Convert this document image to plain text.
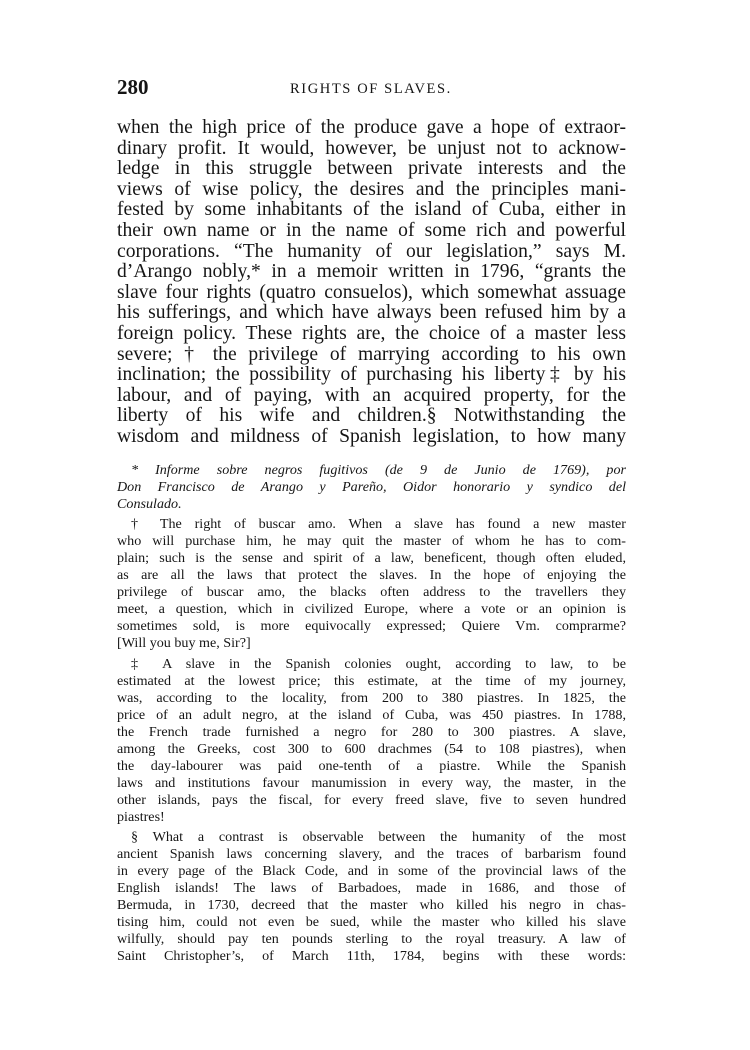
280	RIGHTS OF SLAVES.
when the high price of the produce gave a hope of extraor-
dinary profit. It would, however, be unjust not to acknow-
ledge in this struggle between private interests and the
views of wise policy, the desires and the principles mani-
fested by some inhabitants of the island of Cuba, either in
their own name or in the name of some rich and powerful
corporations. “The humanity of our legislation,” says M.
d’Arango nobly,* in a memoir written in 1796, “grants the
slave four rights (quatro consuelos), which somewhat assuage
his sufferings, and which have always been refused him by a
foreign policy. These rights are, the choice of a master less
severe; † the privilege of marrying according to his own
inclination; the possibility of purchasing his liberty‡ by his
labour, and of paying, with an acquired property, for the
liberty of his wife and children.§ Notwithstanding the
wisdom and mildness of Spanish legislation, to how many
* Informe sobre negros fugitivos (de 9 de Junio de 1769), por
Don Francisco de Arango y Pareño, Oidor honorario y syndico del
Consulado.
† The right of buscar amo. When a slave has found a new master
who will purchase him, he may quit the master of whom he has to com-
plain; such is the sense and spirit of a law, beneficent, though often eluded,
as are all the laws that protect the slaves. In the hope of enjoying the
privilege of buscar amo, the blacks often address to the travellers they
meet, a question, which in civilized Europe, where a vote or an opinion is
sometimes sold, is more equivocally expressed; Quiere Vm. comprarme?
[Will you buy me, Sir?]
‡ A slave in the Spanish colonies ought, according to law, to be
estimated at the lowest price; this estimate, at the time of my journey,
was, according to the locality, from 200 to 380 piastres. In 1825, the
price of an adult negro, at the island of Cuba, was 450 piastres. In 1788,
the French trade furnished a negro for 280 to 300 piastres. A slave,
among the Greeks, cost 300 to 600 drachmes (54 to 108 piastres), when
the day-labourer was paid one-tenth of a piastre. While the Spanish
laws and institutions favour manumission in every way, the master, in the
other islands, pays the fiscal, for every freed slave, five to seven hundred
piastres!
§ What a contrast is observable between the humanity of the most
ancient Spanish laws concerning slavery, and the traces of barbarism found
in every page of the Black Code, and in some of the provincial laws of the
English islands! The laws of Barbadoes, made in 1686, and those of
Bermuda, in 1730, decreed that the master who killed his negro in chas-
tising him, could not even be sued, while the master who killed his slave
wilfully, should pay ten pounds sterling to the royal treasury. A law of
Saint Christopher’s, of March 11th, 1784, begins with these words:
